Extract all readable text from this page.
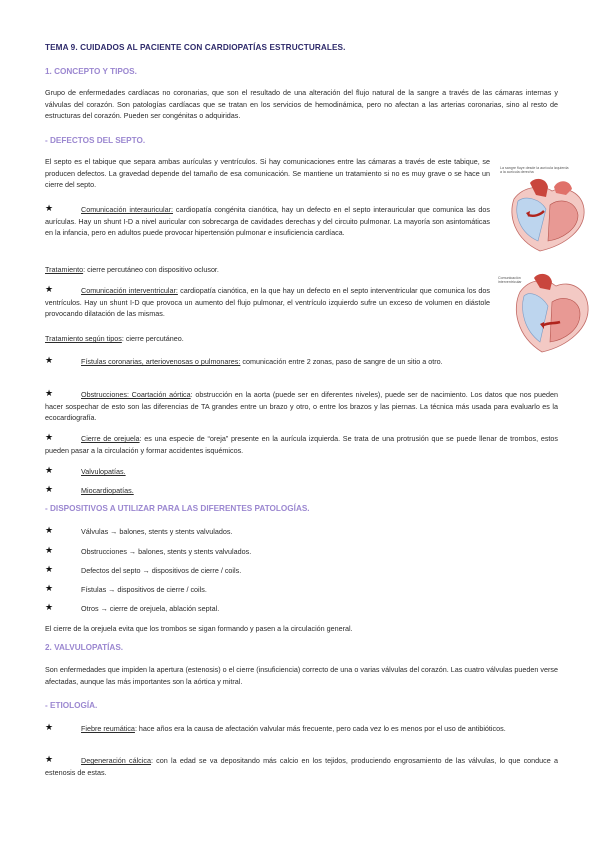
TEMA 9. CUIDADOS AL PACIENTE CON CARDIOPATÍAS ESTRUCTURALES.
1. CONCEPTO Y TIPOS.
Grupo de enfermedades cardíacas no coronarias, que son el resultado de una alteración del flujo natural de la sangre a través de las cámaras internas y válvulas del corazón. Son patologías cardíacas que se tratan en los servicios de hemodinámica, pero no afectan a las arterias coronarias, sino al resto de estructuras del corazón. Pueden ser congénitas o adquiridas.
- DEFECTOS DEL SEPTO.
El septo es el tabique que separa ambas aurículas y ventrículos. Si hay comunicaciones entre las cámaras a través de este tabique, se producen defectos. La gravedad depende del tamaño de esa comunicación. Se mantiene un tratamiento si no es muy grave o se hace un cierre del septo.
★	Comunicación interauricular: cardiopatía congénita cianótica, hay un defecto en el septo interauricular que comunica las dos aurículas. Hay un shunt I-D a nivel auricular con sobrecarga de cavidades derechas y del circuito pulmonar. La mayoría son asintomáticas en la infancia, pero en adultos puede provocar hipertensión pulmonar e insuficiencia cardíaca.
Tratamiento: cierre percutáneo con dispositivo oclusor.
★	Comunicación interventricular: cardiopatía cianótica, en la que hay un defecto en el septo interventricular que comunica los dos ventrículos. Hay un shunt I-D que provoca un aumento del flujo pulmonar, el ventrículo izquierdo sufre un exceso de volumen en diástole provocando dilatación de las mismas.
Tratamiento según tipos: cierre percutáneo.
★	Fístulas coronarias, arteriovenosas o pulmonares: comunicación entre 2 zonas, paso de sangre de un sitio a otro.
★	Obstrucciones: Coartación aórtica: obstrucción en la aorta (puede ser en diferentes niveles), puede ser de nacimiento. Los datos que nos pueden hacer sospechar de esto son las diferencias de TA grandes entre un brazo y otro, o entre los brazos y las piernas. La técnica más usada para evaluarlo es la ecocardiografía.
★	Cierre de orejuela: es una especie de “oreja” presente en la aurícula izquierda. Se trata de una protrusión que se puede llenar de trombos, estos pueden pasar a la circulación y formar accidentes isquémicos.
★	Valvulopatías.
★	Miocardiopatías.
- DISPOSITIVOS A UTILIZAR PARA LAS DIFERENTES PATOLOGÍAS.
★	Válvulas → balones, stents y stents valvulados.
★	Obstrucciones → balones, stents y stents valvulados.
★	Defectos del septo → dispositivos de cierre / coils.
★	Fístulas → dispositivos de cierre / coils.
★	Otros → cierre de orejuela, ablación septal.
El cierre de la orejuela evita que los trombos se sigan formando y pasen a la circulación general.
2. VALVULOPATÍAS.
Son enfermedades que impiden la apertura (estenosis) o el cierre (insuficiencia) correcto de una o varias válvulas del corazón. Las cuatro válvulas pueden verse afectadas, aunque las más importantes son la aórtica y mitral.
- ETIOLOGÍA.
★	Fiebre reumática: hace años era la causa de afectación valvular más frecuente, pero cada vez lo es menos por el uso de antibióticos.
★	Degeneración cálcica: con la edad se va depositando más calcio en los tejidos, produciendo engrosamiento de las válvulas, lo que conduce a estenosis de estas.
La sangre fluye desde la aurícula izquierda a la aurícula derecha
Comunicación interventricular
